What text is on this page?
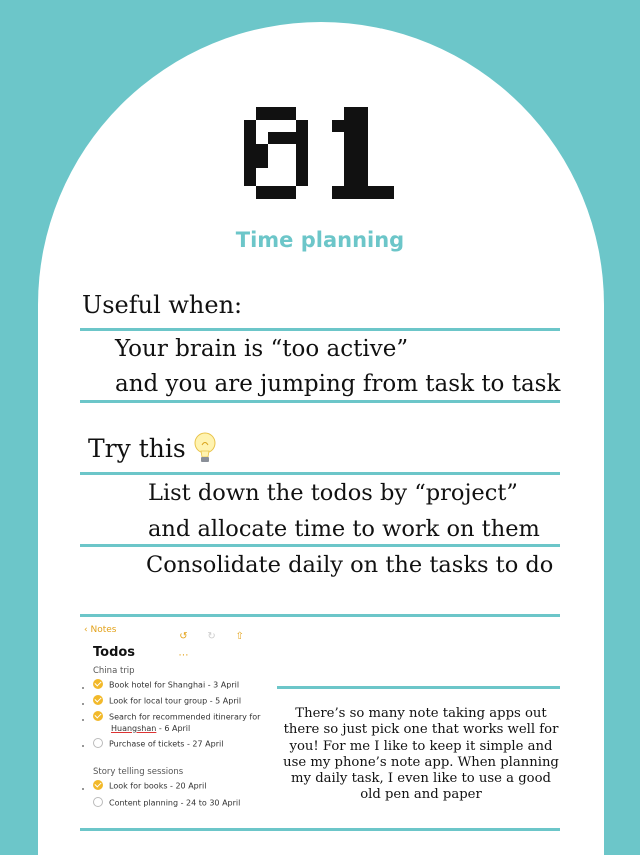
Time planning
Useful when:
Your brain is “too active”
and you are jumping from task to task
Try this
List down the todos by “project”
and allocate time to work on them
Consolidate daily on the tasks to do
‹ Notes
↺ ↻ ⇧ ⋯
Todos
China trip
Book hotel for Shanghai - 3 April
Look for local tour group - 5 April
Search for recommended itinerary for
Huangshan - 6 April
Purchase of tickets - 27 April
Story telling sessions
Look for books - 20 April
Content planning - 24 to 30 April
There’s so many note taking apps out there so just pick one that works well for you! For me I like to keep it simple and use my phone’s note app. When planning my daily task, I even like to use a good old pen and paper
